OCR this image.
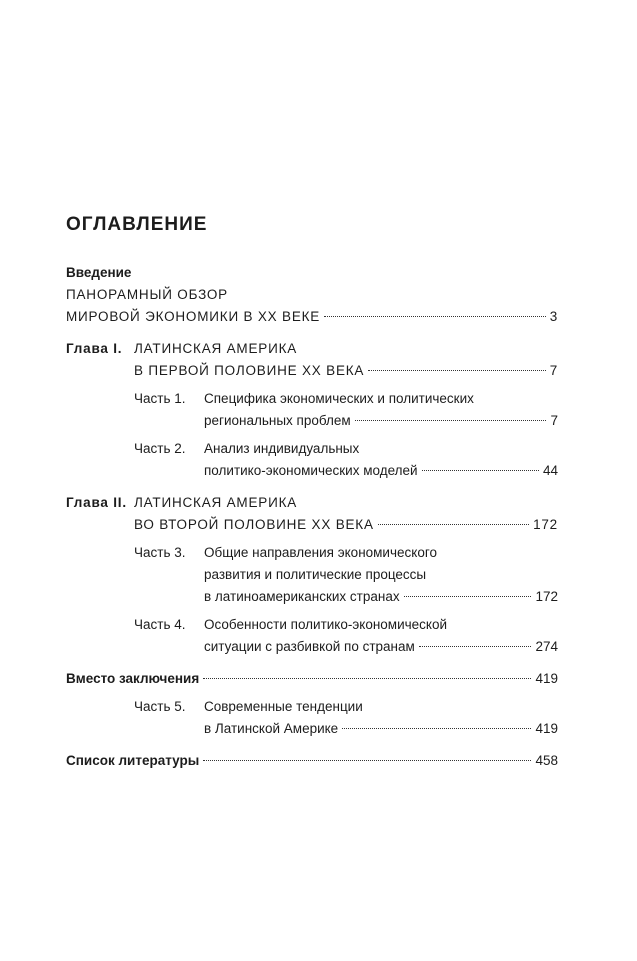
ОГЛАВЛЕНИЕ
Введение
ПАНОРАМНЫЙ ОБЗОР
МИРОВОЙ ЭКОНОМИКИ В XX ВЕКЕ	3
Глава I. ЛАТИНСКАЯ АМЕРИКА
В ПЕРВОЙ ПОЛОВИНЕ XX ВЕКА	7
Часть 1. Специфика экономических и политических
региональных проблем	7
Часть 2. Анализ индивидуальных
политико-экономических моделей	44
Глава II. ЛАТИНСКАЯ АМЕРИКА
ВО ВТОРОЙ ПОЛОВИНЕ XX ВЕКА	172
Часть 3. Общие направления экономического
развития и политические процессы
в латиноамериканских странах	172
Часть 4. Особенности политико-экономической
ситуации с разбивкой по странам	274
Вместо заключения	419
Часть 5. Современные тенденции
в Латинской Америке	419
Список литературы	458
